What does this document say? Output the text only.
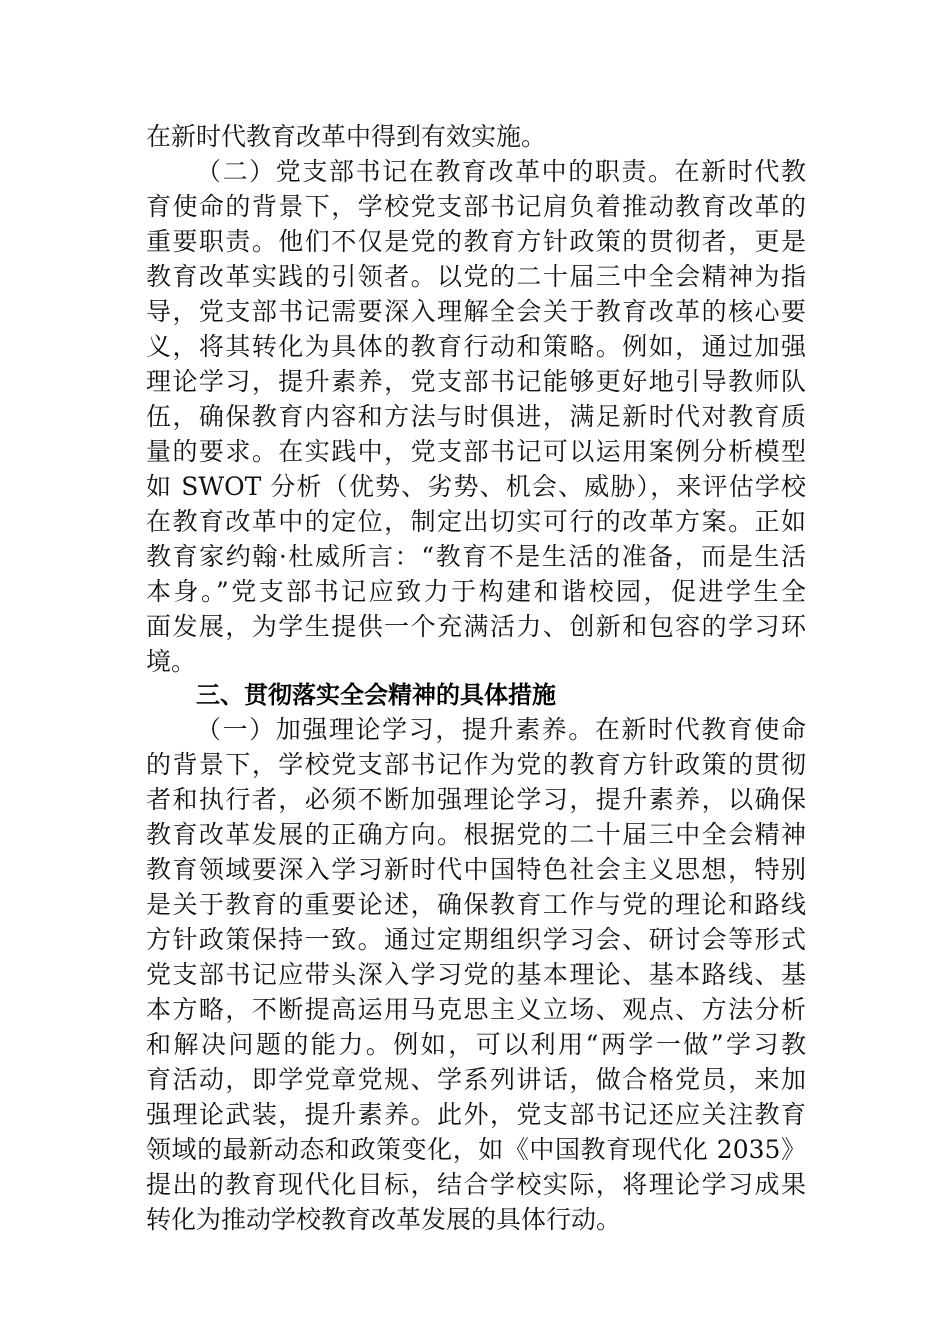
在新时代教育改革中得到有效实施。
（二）党支部书记在教育改革中的职责。在新时代教
育使命的背景下，学校党支部书记肩负着推动教育改革的
重要职责。他们不仅是党的教育方针政策的贯彻者，更是
教育改革实践的引领者。以党的二十届三中全会精神为指
导，党支部书记需要深入理解全会关于教育改革的核心要
义，将其转化为具体的教育行动和策略。例如，通过加强
理论学习，提升素养，党支部书记能够更好地引导教师队
伍，确保教育内容和方法与时俱进，满足新时代对教育质
量的要求。在实践中，党支部书记可以运用案例分析模型
如 SWOT 分析（优势、劣势、机会、威胁），来评估学校
在教育改革中的定位，制定出切实可行的改革方案。正如
教育家约翰·杜威所言：“教育不是生活的准备，而是生活
本身。”党支部书记应致力于构建和谐校园，促进学生全
面发展，为学生提供一个充满活力、创新和包容的学习环
境。
三、贯彻落实全会精神的具体措施
（一）加强理论学习，提升素养。在新时代教育使命
的背景下，学校党支部书记作为党的教育方针政策的贯彻
者和执行者，必须不断加强理论学习，提升素养，以确保
教育改革发展的正确方向。根据党的二十届三中全会精神
教育领域要深入学习新时代中国特色社会主义思想，特别
是关于教育的重要论述，确保教育工作与党的理论和路线
方针政策保持一致。通过定期组织学习会、研讨会等形式
党支部书记应带头深入学习党的基本理论、基本路线、基
本方略，不断提高运用马克思主义立场、观点、方法分析
和解决问题的能力。例如，可以利用“两学一做”学习教
育活动，即学党章党规、学系列讲话，做合格党员，来加
强理论武装，提升素养。此外，党支部书记还应关注教育
领域的最新动态和政策变化，如《中国教育现代化 2035》
提出的教育现代化目标，结合学校实际，将理论学习成果
转化为推动学校教育改革发展的具体行动。
